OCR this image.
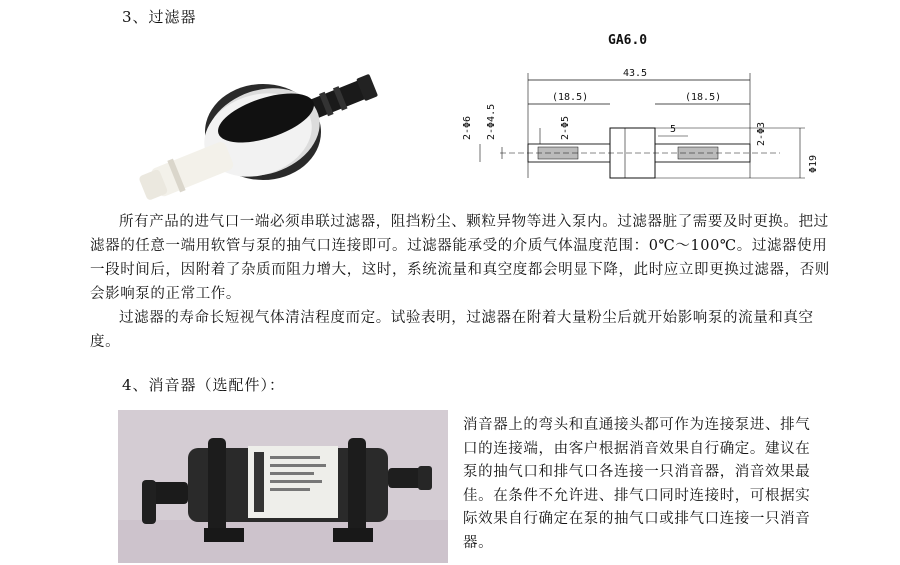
3、过滤器
GA6.0
43.5
(18.5)	(18.5)
5
2-Φ6 2-Φ4.5	2-Φ5	2-Φ3
Φ19

所有产品的进气口一端必须串联过滤器，阻挡粉尘、颗粒异物等进入泵内。过滤器脏了需要及时更换。把过滤器的任意一端用软管与泵的抽气口连接即可。过滤器能承受的介质气体温度范围：0℃～100℃。过滤器使用一段时间后，因附着了杂质而阻力增大，这时，系统流量和真空度都会明显下降，此时应立即更换过滤器，否则会影响泵的正常工作。

过滤器的寿命长短视气体清洁程度而定。试验表明，过滤器在附着大量粉尘后就开始影响泵的流量和真空度。

4、消音器（选配件）：

消音器上的弯头和直通接头都可作为连接泵进、排气口的连接端，由客户根据消音效果自行确定。建议在泵的抽气口和排气口各连接一只消音器，消音效果最佳。在条件不允许进、排气口同时连接时，可根据实际效果自行确定在泵的抽气口或排气口连接一只消音器。
